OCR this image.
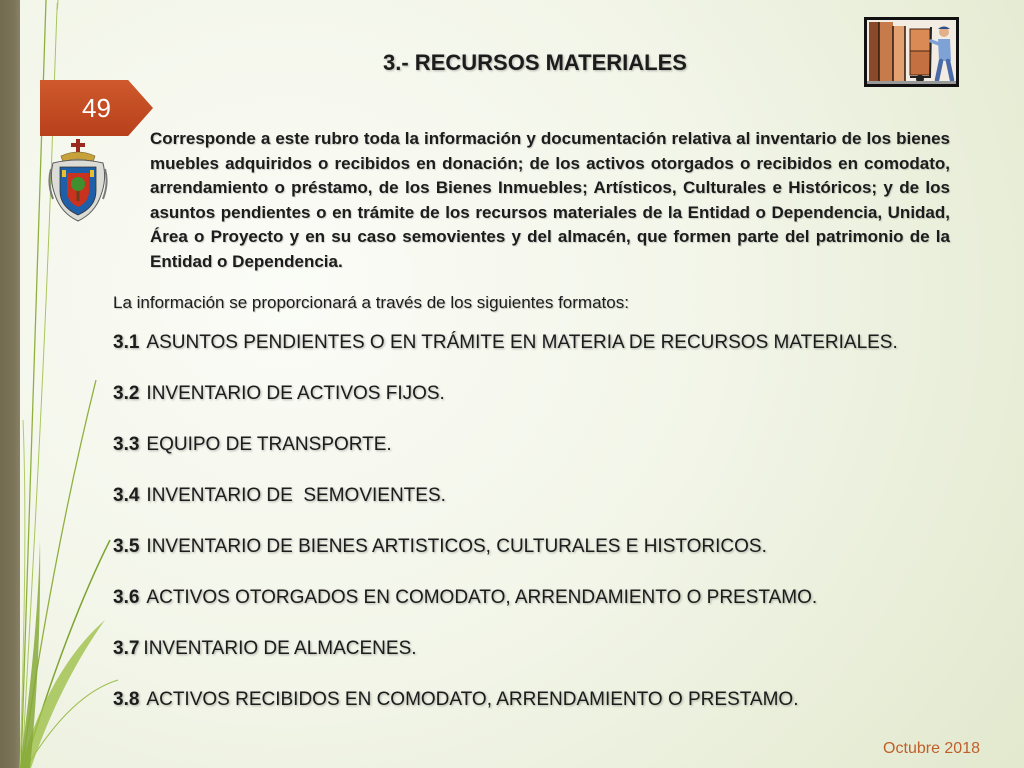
49
3.- RECURSOS MATERIALES

Corresponde a este rubro toda la información y documentación relativa al inventario de los bienes muebles adquiridos o recibidos en donación; de los activos otorgados o recibidos en comodato, arrendamiento o préstamo, de los Bienes Inmuebles; Artísticos, Culturales e Históricos; y de los asuntos pendientes o en trámite de los recursos materiales de la Entidad o Dependencia, Unidad, Área o Proyecto y en su caso semovientes y del almacén, que formen parte del patrimonio de la Entidad o Dependencia.

La información se proporcionará a través de los siguientes formatos:

3.1 ASUNTOS PENDIENTES O EN TRÁMITE EN MATERIA DE RECURSOS MATERIALES.
3.2 INVENTARIO DE ACTIVOS FIJOS.
3.3 EQUIPO DE TRANSPORTE.
3.4 INVENTARIO DE  SEMOVIENTES.
3.5 INVENTARIO DE BIENES ARTISTICOS, CULTURALES E HISTORICOS.
3.6 ACTIVOS OTORGADOS EN COMODATO, ARRENDAMIENTO O PRESTAMO.
3.7 INVENTARIO DE ALMACENES.
3.8 ACTIVOS RECIBIDOS EN COMODATO, ARRENDAMIENTO O PRESTAMO.
Octubre 2018
